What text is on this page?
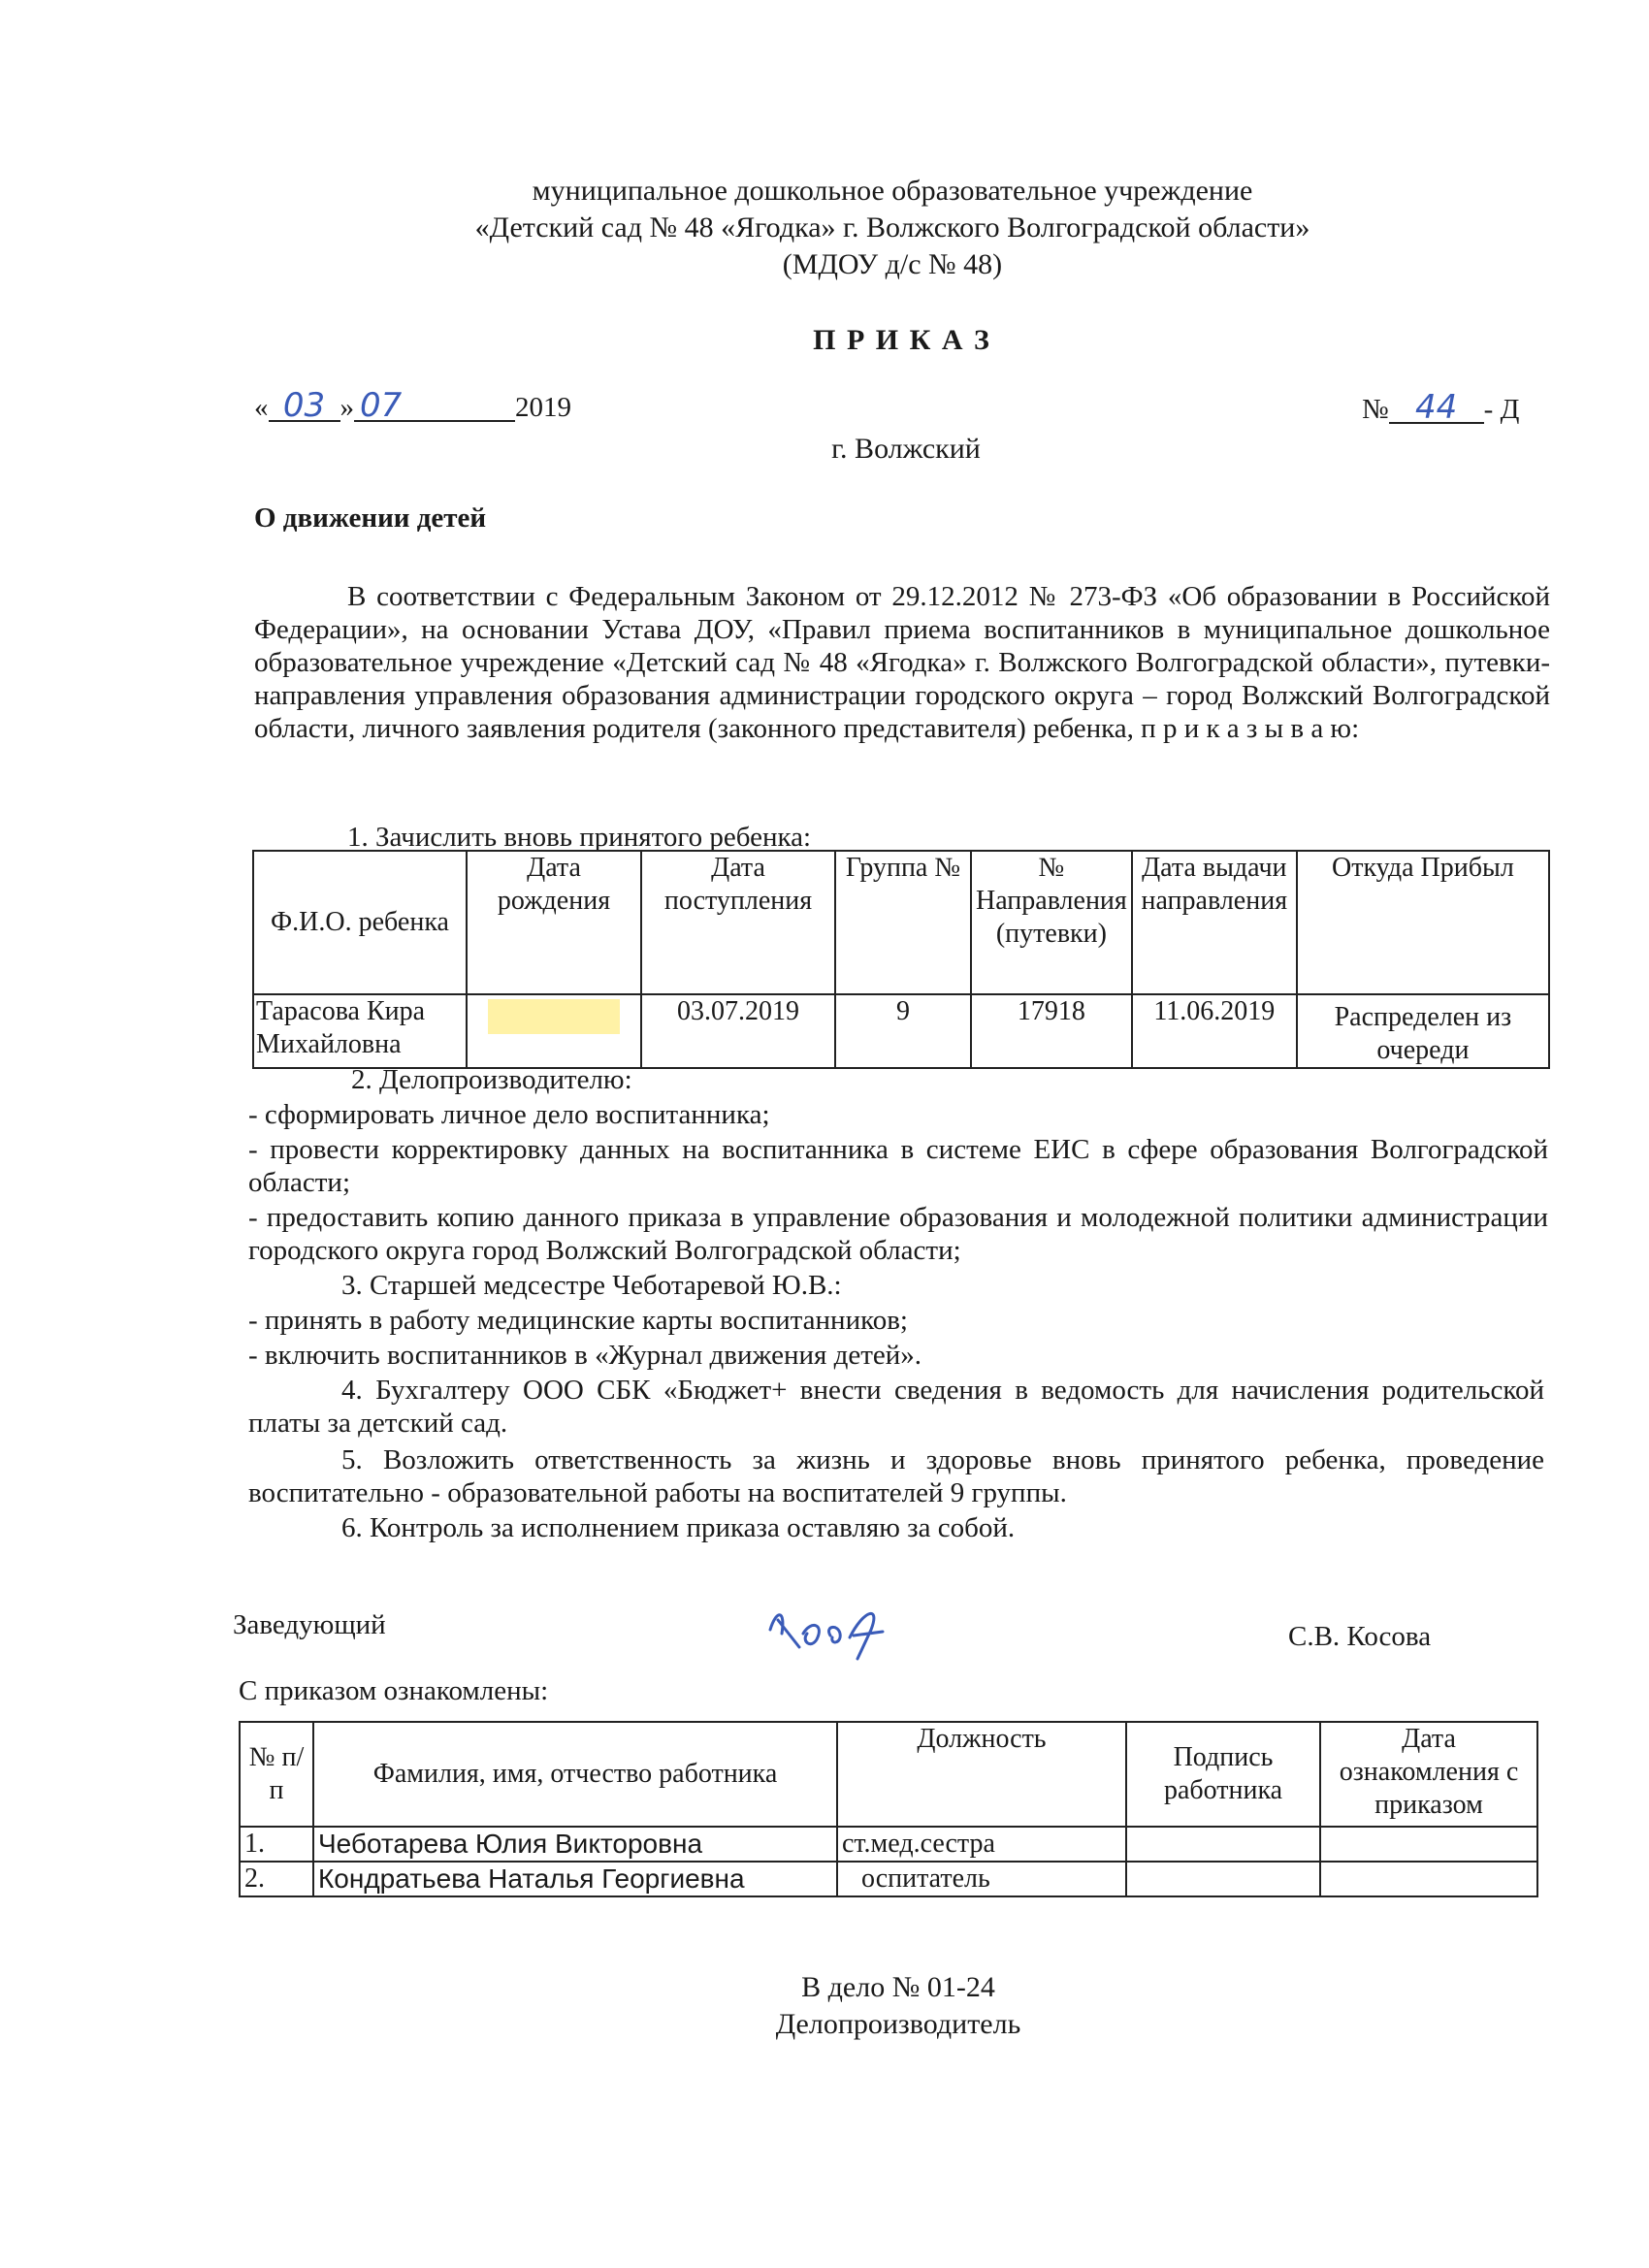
муниципальное дошкольное образовательное учреждение
«Детский сад № 48 «Ягодка» г. Волжского Волгоградской области»
(МДОУ д/с № 48)
П Р И К А З
« 03 » 07	2019	№ 44 - Д
г. Волжский
О движении детей
В соответствии с Федеральным Законом от 29.12.2012 № 273-ФЗ «Об образовании в Российской Федерации», на основании Устава ДОУ, «Правил приема воспитанников в муниципальное дошкольное образовательное учреждение «Детский сад № 48 «Ягодка» г. Волжского Волгоградской области», путевки-направления управления образования администрации городского округа – город Волжский Волгоградской области, личного заявления родителя (законного представителя) ребенка, п р и к а з ы в а ю:
1. Зачислить вновь принятого ребенка:
Ф.И.О. ребенка	Дата рождения	Дата поступления	Группа №	№ Направления (путевки)	Дата выдачи направления	Откуда Прибыл
Тарасова Кира Михайловна		03.07.2019	9	17918	11.06.2019	Распределен из очереди
2. Делопроизводителю:
- сформировать личное дело воспитанника;
- провести корректировку данных на воспитанника в системе ЕИС в сфере образования Волгоградской области;
- предоставить копию данного приказа в управление образования и молодежной политики администрации городского округа город Волжский Волгоградской области;
3. Старшей медсестре Чеботаревой Ю.В.:
- принять в работу медицинские карты воспитанников;
- включить воспитанников в «Журнал движения детей».
4. Бухгалтеру ООО СБК «Бюджет+ внести сведения в ведомость для начисления родительской платы за детский сад.
5. Возложить ответственность за жизнь и здоровье вновь принятого ребенка, проведение воспитательно - образовательной работы на воспитателей 9 группы.
6. Контроль за исполнением приказа оставляю за собой.
Заведующий	С.В. Косова
С приказом ознакомлены:
№ п/п	Фамилия, имя, отчество работника	Должность	Подпись работника	Дата ознакомления с приказом
1.	Чеботарева Юлия Викторовна	ст.мед.сестра		
2.	Кондратьева Наталья Георгиевна	оспитатель		
В дело № 01-24
Делопроизводитель
